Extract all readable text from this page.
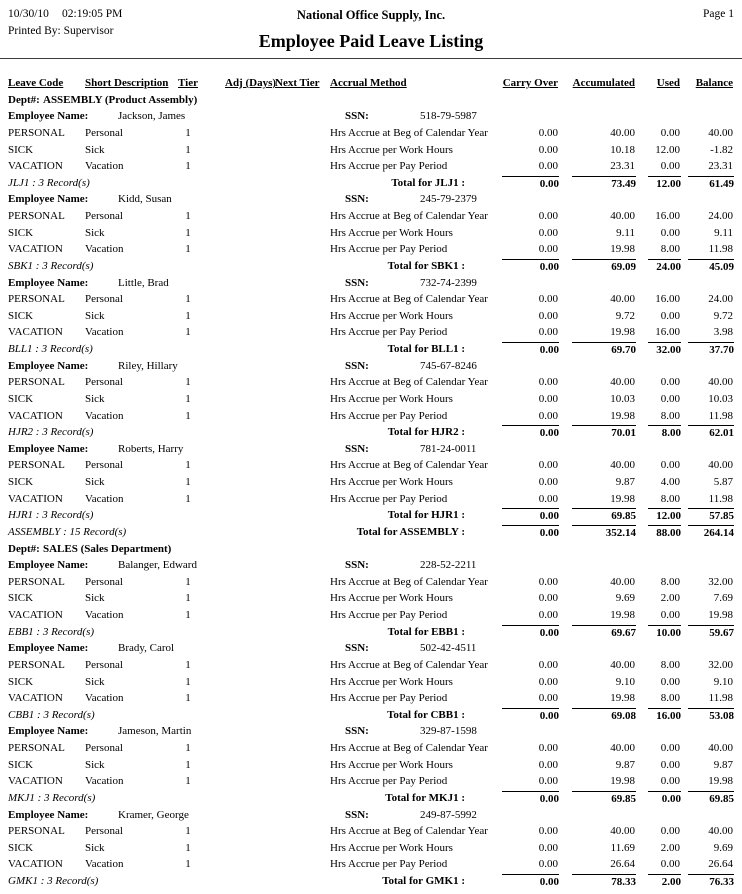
10/30/10 02:19:05 PM	National Office Supply, Inc.	Page 1
Printed By: Supervisor	Employee Paid Leave Listing
Leave Code Short Description Tier	Adj (Days)
Next Tier Accrual Method	Carry Over	Accumulated	Used	Balance
Dept#: ASSEMBLY (Product Assembly)
Employee Name:	Jackson, James	SSN:	518-79-5987
PERSONAL Personal	1	Hrs Accrue at Beg of Calendar Year	0.00	40.00	0.00	40.00
SICK	Sick	1	Hrs Accrue per Work Hours	0.00	10.18	12.00	-1.82
VACATION Vacation	1	Hrs Accrue per Pay Period	0.00	23.31	0.00	23.31
JLJ1 : 3 Record(s)	Total for JLJ1 :	0.00	73.49	12.00	61.49
Employee Name:	Kidd, Susan	SSN:	245-79-2379
PERSONAL Personal	1	Hrs Accrue at Beg of Calendar Year	0.00	40.00	16.00	24.00
SICK	Sick	1	Hrs Accrue per Work Hours	0.00	9.11	0.00	9.11
VACATION Vacation	1	Hrs Accrue per Pay Period	0.00	19.98	8.00	11.98
SBK1 : 3 Record(s)	Total for SBK1 :	0.00	69.09	24.00	45.09
Employee Name:	Little, Brad	SSN:	732-74-2399
PERSONAL Personal	1	Hrs Accrue at Beg of Calendar Year	0.00	40.00	16.00	24.00
SICK	Sick	1	Hrs Accrue per Work Hours	0.00	9.72	0.00	9.72
VACATION Vacation	1	Hrs Accrue per Pay Period	0.00	19.98	16.00	3.98
BLL1 : 3 Record(s)	Total for BLL1 :	0.00	69.70	32.00	37.70
Employee Name:	Riley, Hillary	SSN:	745-67-8246
PERSONAL Personal	1	Hrs Accrue at Beg of Calendar Year	0.00	40.00	0.00	40.00
SICK	Sick	1	Hrs Accrue per Work Hours	0.00	10.03	0.00	10.03
VACATION Vacation	1	Hrs Accrue per Pay Period	0.00	19.98	8.00	11.98
HJR2 : 3 Record(s)	Total for HJR2 :	0.00	70.01	8.00	62.01
Employee Name:	Roberts, Harry	SSN:	781-24-0011
PERSONAL Personal	1	Hrs Accrue at Beg of Calendar Year	0.00	40.00	0.00	40.00
SICK	Sick	1	Hrs Accrue per Work Hours	0.00	9.87	4.00	5.87
VACATION Vacation	1	Hrs Accrue per Pay Period	0.00	19.98	8.00	11.98
HJR1 : 3 Record(s)	Total for HJR1 :	0.00	69.85	12.00	57.85
ASSEMBLY : 15 Record(s)	Total for ASSEMBLY :	0.00	352.14	88.00	264.14
Dept#: SALES (Sales Department)
Employee Name:	Balanger, Edward	SSN:	228-52-2211
PERSONAL Personal	1	Hrs Accrue at Beg of Calendar Year	0.00	40.00	8.00	32.00
SICK	Sick	1	Hrs Accrue per Work Hours	0.00	9.69	2.00	7.69
VACATION Vacation	1	Hrs Accrue per Pay Period	0.00	19.98	0.00	19.98
EBB1 : 3 Record(s)	Total for EBB1 :	0.00	69.67	10.00	59.67
Employee Name:	Brady, Carol	SSN:	502-42-4511
PERSONAL Personal	1	Hrs Accrue at Beg of Calendar Year	0.00	40.00	8.00	32.00
SICK	Sick	1	Hrs Accrue per Work Hours	0.00	9.10	0.00	9.10
VACATION Vacation	1	Hrs Accrue per Pay Period	0.00	19.98	8.00	11.98
CBB1 : 3 Record(s)	Total for CBB1 :	0.00	69.08	16.00	53.08
Employee Name:	Jameson, Martin	SSN:	329-87-1598
PERSONAL Personal	1	Hrs Accrue at Beg of Calendar Year	0.00	40.00	0.00	40.00
SICK	Sick	1	Hrs Accrue per Work Hours	0.00	9.87	0.00	9.87
VACATION Vacation	1	Hrs Accrue per Pay Period	0.00	19.98	0.00	19.98
MKJ1 : 3 Record(s)	Total for MKJ1 :	0.00	69.85	0.00	69.85
Employee Name:	Kramer, George	SSN:	249-87-5992
PERSONAL Personal	1	Hrs Accrue at Beg of Calendar Year	0.00	40.00	0.00	40.00
SICK	Sick	1	Hrs Accrue per Work Hours	0.00	11.69	2.00	9.69
VACATION Vacation	1	Hrs Accrue per Pay Period	0.00	26.64	0.00	26.64
GMK1 : 3 Record(s)	Total for GMK1 :	0.00	78.33	2.00	76.33
